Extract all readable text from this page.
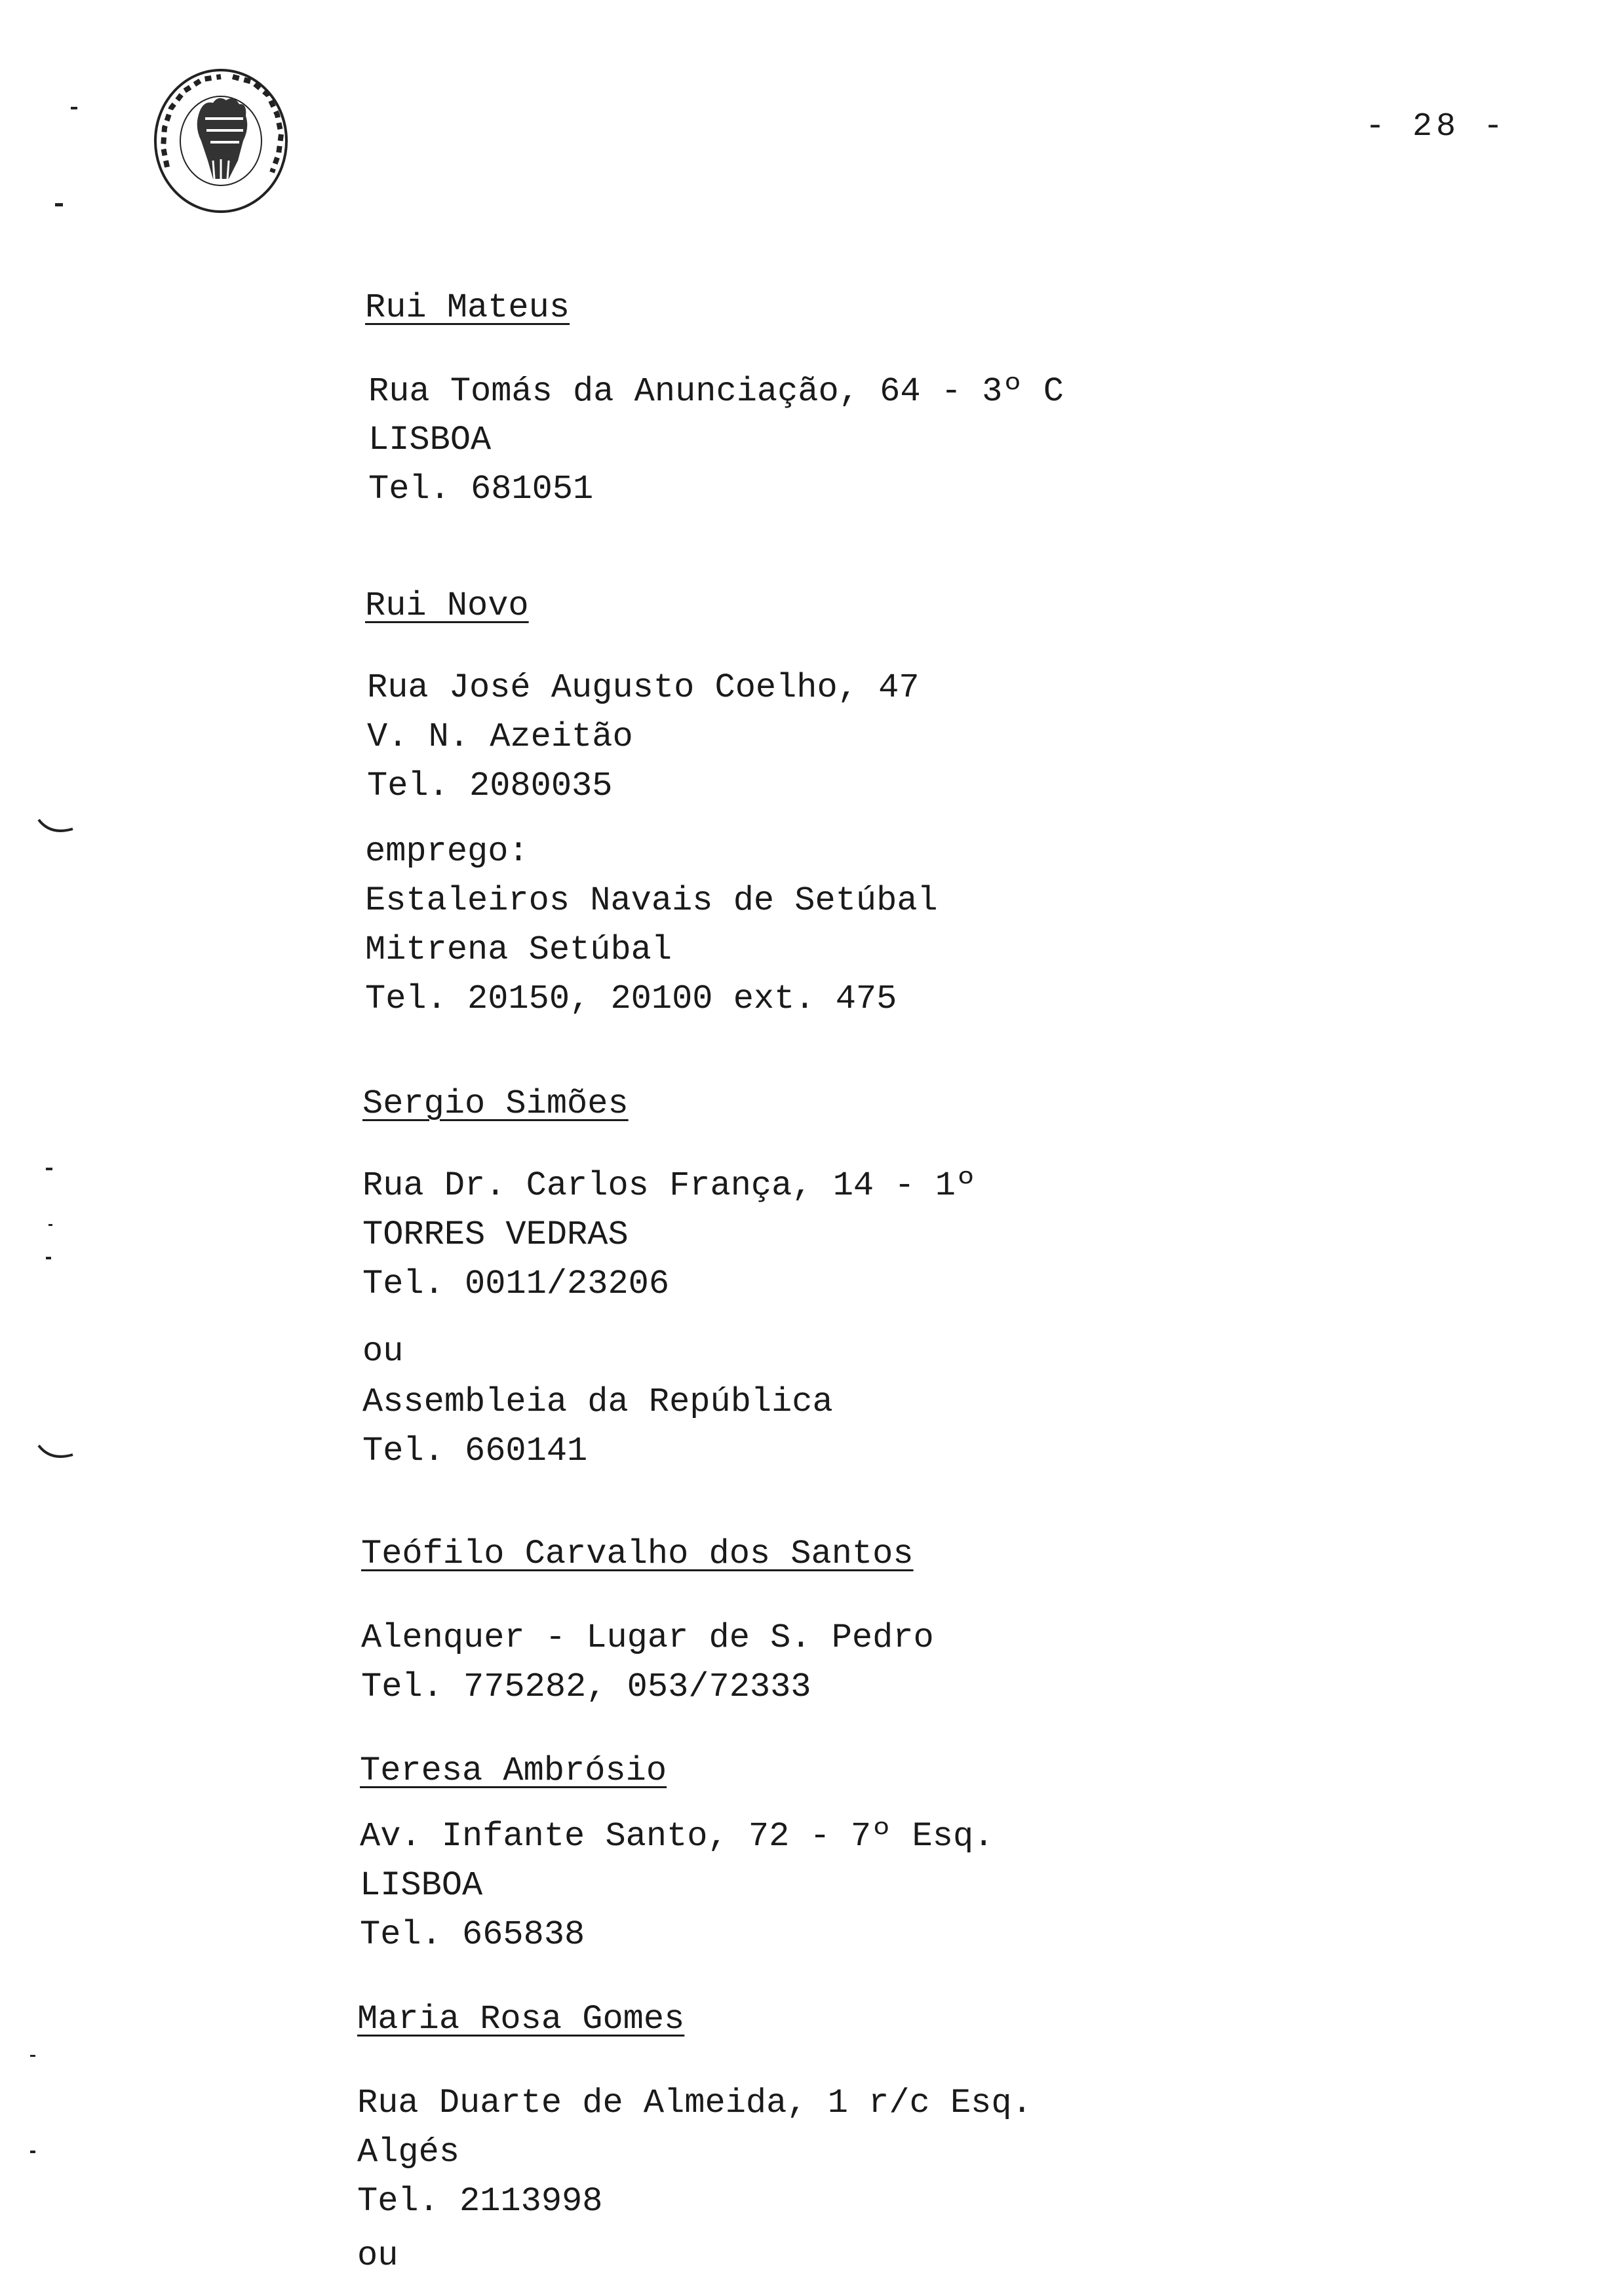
- 28 -
Rui Mateus
Rua Tomás da Anunciação, 64 - 3º C
LISBOA
Tel. 681051
Rui Novo
Rua José Augusto Coelho, 47
V. N. Azeitão
Tel. 2080035
emprego:
Estaleiros Navais de Setúbal
Mitrena Setúbal
Tel. 20150, 20100 ext. 475
Sergio Simões
Rua Dr. Carlos França, 14 - 1º
TORRES VEDRAS
Tel. 0011/23206
ou
Assembleia da República
Tel. 660141
Teófilo Carvalho dos Santos
Alenquer - Lugar de S. Pedro
Tel. 775282, 053/72333
Teresa Ambrósio
Av. Infante Santo, 72 - 7º Esq.
LISBOA
Tel. 665838
Maria Rosa Gomes
Rua Duarte de Almeida, 1 r/c Esq.
Algés
Tel. 2113998
ou
